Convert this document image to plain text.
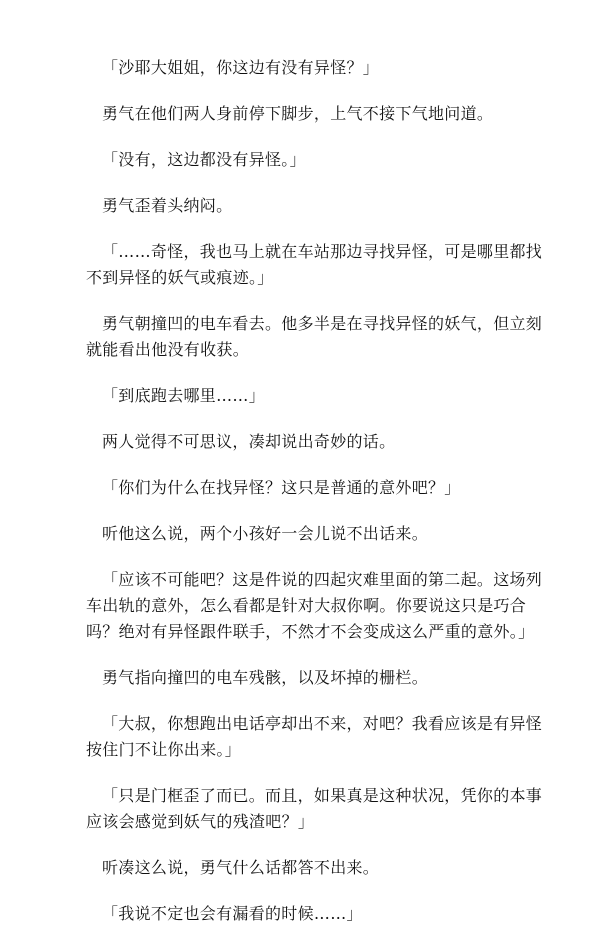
「沙耶大姐姐，你这边有没有异怪？」

勇气在他们两人身前停下脚步，上气不接下气地问道。

「没有，这边都没有异怪。」

勇气歪着头纳闷。

「……奇怪，我也马上就在车站那边寻找异怪，可是哪里都找不到异怪的妖气或痕迹。」

勇气朝撞凹的电车看去。他多半是在寻找异怪的妖气，但立刻就能看出他没有收获。

「到底跑去哪里……」

两人觉得不可思议，凑却说出奇妙的话。

「你们为什么在找异怪？这只是普通的意外吧？」

听他这么说，两个小孩好一会儿说不出话来。

「应该不可能吧？这是件说的四起灾难里面的第二起。这场列车出轨的意外，怎么看都是针对大叔你啊。你要说这只是巧合吗？绝对有异怪跟件联手，不然才不会变成这么严重的意外。」

勇气指向撞凹的电车残骸，以及坏掉的栅栏。

「大叔，你想跑出电话亭却出不来，对吧？我看应该是有异怪按住门不让你出来。」

「只是门框歪了而已。而且，如果真是这种状况，凭你的本事应该会感觉到妖气的残渣吧？」

听凑这么说，勇气什么话都答不出来。

「我说不定也会有漏看的时候……」
